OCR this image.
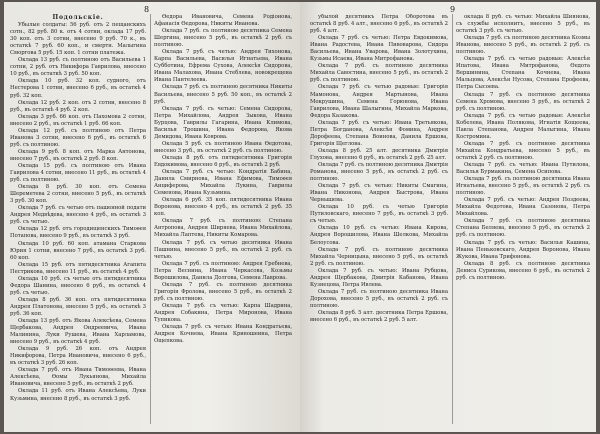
8
Подольскіе.

Убылые солдаты: 56 руб. отъ 2 пещанскихъ сотн., 82 руб. 80 к. отъ 4 сотни, оклада 17 руб. 30 коп. отъ 3 сотни, внесено 9 руб. 70 к., въ остаткѣ 7 руб. 60 коп., и смертн. Малыгина Сморгова 5 руб. 15 коп. 1 сотни платежа.

Оклада 13 руб. съ полтиною отъ Васильева 1 сотни, 2 руб. отъ Никифора Гаврилова, внесено 10 руб., въ остаткѣ 3 руб. 50 коп.

Оклада 10 руб. 32 коп. судного, отъ Нестерова 1 сотни, внесено 6 руб., въ остаткѣ 4 руб. 32 коп.

Оклада 12 руб. 2 коп. отъ 2 сотни, внесено 8 руб., въ остаткѣ 4 руб. 2 коп.

Оклада 3 руб. 66 коп. отъ Пахомова 2 сотни, внесено 2 руб., въ остаткѣ 1 руб. 66 коп.

Оклада 12 руб. съ полтиною отъ Петра Иванова 3 сотни, внесено 6 руб., въ остаткѣ 6 руб. съ полтиною.

Оклада 9 руб. 8 коп. отъ Марка Антонова, внесено 7 руб., въ остаткѣ 2 руб. 8 коп.

Оклада 15 руб. съ полтиною отъ Ивана Гаврилова 4 сотни, внесено 11 руб., въ остаткѣ 4 руб. съ полтиною.

Оклада 8 руб. 30 коп. отъ Семена Шереметева 2 сотни, внесено 5 руб., въ остаткѣ 3 руб. 30 коп.

Оклада 7 руб. съ четью отъ пашенной подати Андрея Медвѣдева, внесено 4 руб., въ остаткѣ 3 руб. съ четью.

Оклада 12 руб. отъ городищенскихъ Тимоѳея Потапова, внесено 9 руб., въ остаткѣ 3 руб.

Оклада 10 руб. 60 коп. атамана Старкова Юрия 1 сотни, внесено 7 руб., въ остаткѣ 3 руб. 60 коп.

Оклада 15 руб. отъ пятидесятника Агапита Пестрикова, внесено 11 руб., въ остаткѣ 4 руб.

Оклада 10 руб. съ четью отъ пятидесятника Федора Шанина, внесено 6 руб., въ остаткѣ 4 руб. съ четью.

Оклада 8 руб. 36 коп. отъ пятидесятника Андрея Платонова, внесено 5 руб., въ остаткѣ 3 руб. 36 коп.

Оклада 13 руб. отъ Якова Алексѣева, Семена Щербакова, Андрея Ондреевича, Ивана Малинина, Луки Рушева, Ивана Харламова, внесено 9 руб., въ остаткѣ 4 руб.

Оклада 9 руб. 26 коп. отъ Андрея Никифорова, Петра Ивановича, внесено 6 руб., въ остаткѣ 3 руб. 26 коп.

Оклада 7 руб. отъ Ивана Тимоѳеева, Ивана Алексѣева, Ѳомы Лукьянова, Михайла Ивановича, внесено 5 руб., въ остаткѣ 2 руб.

Оклада 11 руб. отъ Ивана Алексѣева, Луки Кузьмина, внесено 8 руб., въ остаткѣ 3 руб.

Ѳедора Ивановича, Семена Родіонова, Афанасія Ѳедорова, Никиты Иванова.

Оклада 7 руб. съ полтиною десятника Семена Шергина, внесено 5 руб., въ остаткѣ 2 руб. съ полтиною.

Оклада 7 руб. съ четью: Андрея Тихонова, Карпа Васильева, Василья Игнатьева, Ивана Субботина, Ефрема Сухова, Алексѣя Сидорова, Ивана Малахова, Ивана Стеблева, новокрещена Ивана Пантелеева.

Оклада 7 руб. съ полтиною десятника Никиты Васильева, внесено 5 руб. 50 коп., въ остаткѣ 2 руб.

Оклада 7 руб. съ четью: Семена Сидорова, Петра Михайлова, Андрея Зыкова, Ивана Бурцова, Гаврилы Гагарина, Ивана Климова, Василья Трошина, Ивана Федорова, Якова Демидова, Ивана Коврова.

Оклада 5 руб. съ полтиною Ивана Ѳедотова, внесено 3 руб., въ остаткѣ 2 руб. съ полтиною.

Оклада 8 руб. отъ пятидесятника Григорія Евдокимова, внесено 6 руб., въ остаткѣ 2 руб.

Оклада 7 руб. съ четью: Кондратія Бабина, Данила Смирнова, Ивана Ефимова, Тимоѳея Анциферова, Михайла Лукина, Гаврилы Семенова, Ивана Кузьмина.

Оклада 6 руб. 35 коп. пятидесятника Ивана Воронова, внесено 4 руб., въ остаткѣ 2 руб. 35 коп.

Оклада 7 руб. съ полтиною: Степана Антропова, Андрея Ширяева, Ивана Михайлова, Михайла Лаптева, Никиты Комарова.

Оклада 7 руб. съ четью десятника Ивана Пашнина, внесено 5 руб., въ остаткѣ 2 руб. съ четью.

Оклада 7 руб. съ полтиною: Андрея Гребнева, Петра Веснина, Ивана Черкасова, Козьмы Ворошилова, Данила Долгова, Семена Лаврова.

Оклада 7 руб. съ полтиною десятника Григорія Фролова, внесено 5 руб., въ остаткѣ 2 руб. съ полтиною.

Оклада 7 руб. съ четью: Карпа Шадрина, Андрея Собакина, Петра Миронова, Ивана Тупикова.

Оклада 7 руб. съ четью: Ивана Кондратьева, Андрея Кочнева, Ивана Кривошеина, Петра Ощепкова.

9

убылой десятникъ Петра Оборотова въ остаткѣ 8 руб. 4 алт., внесено 6 руб., въ остаткѣ 2 руб. 4 алт.

Оклада 7 руб. съ четью: Петра Евдокимова, Ивана Радостева, Ивана Пивоварова, Сидора Васильева, Ивана Уварова, Ивана Золотухина, Кузьмы Исаева, Ивана Митрофанова.

Оклада 7 руб. съ полтиною десятника Михайла Савостина, внесено 5 руб., въ остаткѣ 2 руб. съ полтиною.

Оклада 7 руб. съ четью радовые: Григорія Мамонова, Андрея Мартынова, Ивана Мокрушина, Семена Горюнова, Ивана Гаврилова, Ивана Шалыгина, Михайла Маркова, Федора Казакова.

Оклада 7 руб. съ четью: Ивана Третьякова, Петра Богданова, Алексѣя Фомина, Андрея Дорофеева, Степана Воинова, Данила Ершова, Григорія Щеглова.

Оклада 8 руб. 25 алт. десятника Дмитрія Глухова, внесено 6 руб., въ остаткѣ 2 руб. 25 алт.

Оклада 7 руб. съ полтиною десятника Дмитрія Романова, внесено 5 руб., въ остаткѣ 2 руб. съ полтиною.

Оклада 7 руб. съ четью: Никиты Смагина, Ивана Никонова, Андрея Быстрова, Ивана Чернышева.

Оклада 10 руб. съ четью Григорія Путиловскаго, внесено 7 руб., въ остаткѣ 3 руб. съ четью.

Оклада 10 руб. съ четью: Ивана Кирова, Андрея Ворошилова, Ивана Шелкова, Михайла Белоусова.

Оклада 7 руб. съ полтиною десятника Михайла Черницына, внесено 5 руб., въ остаткѣ 2 руб. съ полтиною.

Оклада 7 руб. съ четью: Ивана Рубцова, Андрея Щербакова, Дмитрія Кабанова, Ивана Кузнецова, Петра Ивлева.

Оклада 7 руб. съ полтиною десятника Ивана Дорохова, внесено 5 руб., въ остаткѣ 2 руб. съ полтиною.

Оклада 8 руб. 5 алт. десятника Петра Ершова, внесено 6 руб., въ остаткѣ 2 руб. 5 алт.

оклада 8 руб. съ четью: Михайла Шиянова, съ службы исполнитъ, внесено 5 руб., въ остаткѣ 3 руб. съ четью.

Оклада 7 руб. съ полтиною десятника Козмы Иванова, внесено 5 руб., въ остаткѣ 2 руб. съ полтиною.

Оклада 7 руб. съ четью радовые: Алексѣя Ипатова, Ивана Митрофанова, Ѳедота Вершинина, Степана Кочнева, Ивана Мальцова, Алексѣя Нусова, Степана Ерофеева, Петра Сысоева.

Оклада 7 руб. съ полтиною десятника Семена Хромова, внесено 5 руб., въ остаткѣ 2 руб. съ полтиною.

Оклада 7 руб. съ четью радовые: Алексѣя Кобелева, Ивана Полякова, Игнатія Кощеева, Павла Степанова, Андрея Малыгина, Ивана Костромина.

Оклада 7 руб. съ полтиною десятника Михайла Кондратьева, внесено 5 руб., въ остаткѣ 2 руб. съ полтиною.

Оклада 7 руб. съ четью: Ивана Путилова, Василья Бурмакина, Семена Осипова.

Оклада 7 руб. съ полтиною десятника Ивана Игнатьева, внесено 5 руб., въ остаткѣ 2 руб. съ полтиною.

Оклада 7 руб. съ четью: Андрея Поздеева, Михайла Федотова, Ивана Сазонова, Петра Михайлова.

Оклада 7 руб. съ полтиною десятника Степана Беляева, внесено 5 руб., въ остаткѣ 2 руб. съ полтиною.

Оклада 7 руб. съ четью: Василья Кашина, Ивана Пеньковскаго, Андрея Воронова, Ивана Жукова, Ивана Трифонова.

Оклада 8 руб. съ полтиною десятника Дениса Сурикова, внесено 6 руб., въ остаткѣ 2 руб. съ полтиною.
